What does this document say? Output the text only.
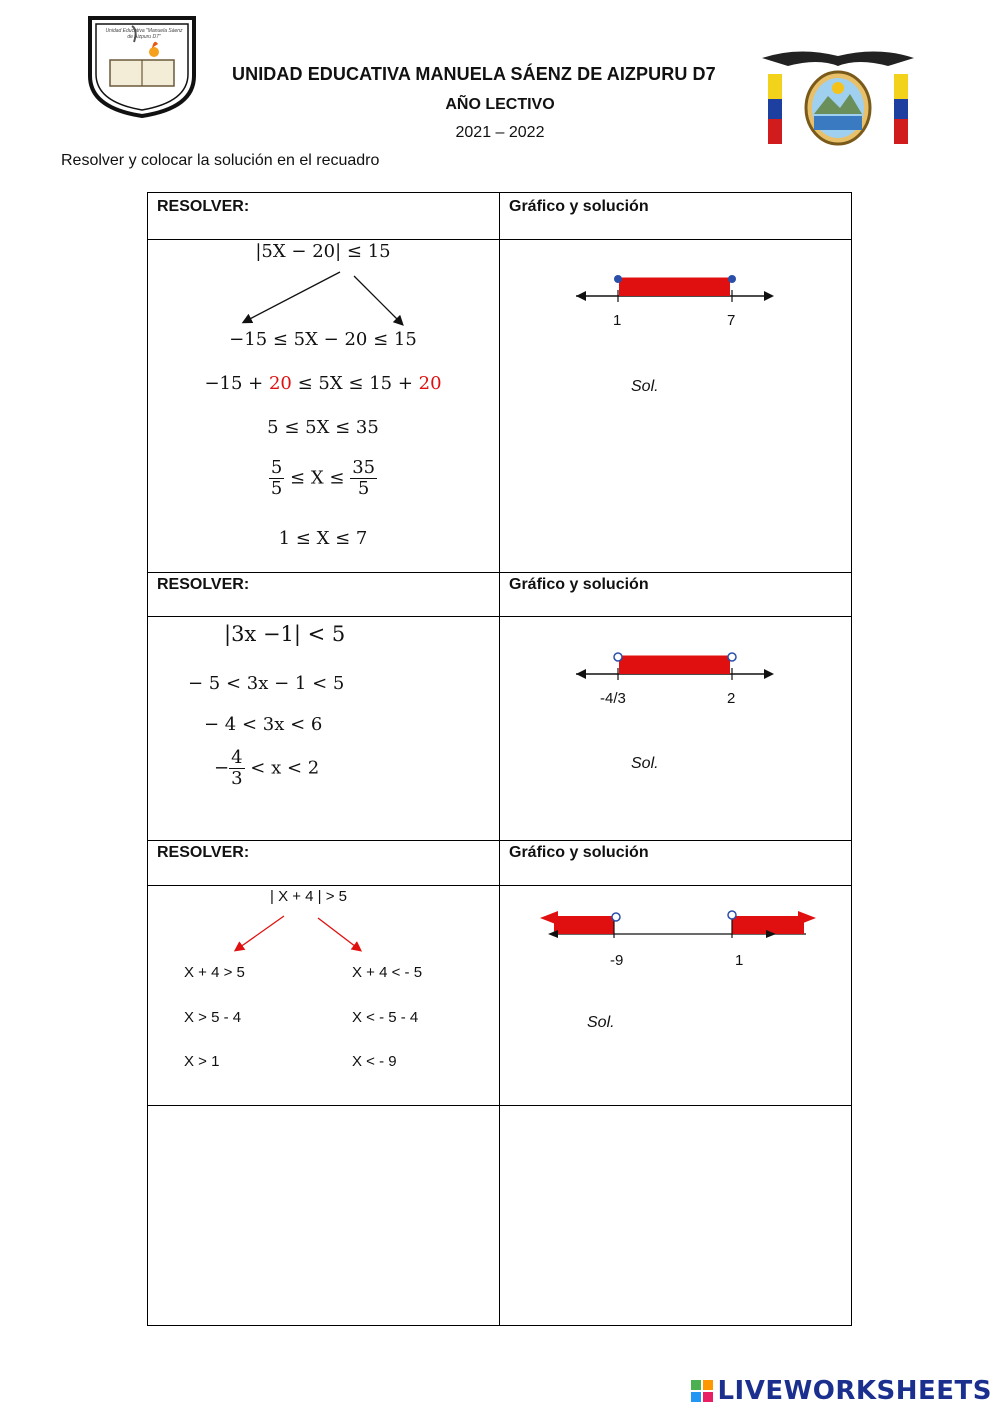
Unidad Educativa "Manuela Sáenz de Aizpuru D7"
UNIDAD EDUCATIVA MANUELA SÁENZ DE AIZPURU D7
AÑO LECTIVO
2021 – 2022
Resolver y colocar la solución en el recuadro
RESOLVER:	Gráfico y solución
|5X − 20| ≤ 15
−15 ≤ 5X − 20 ≤ 15
−15 + 20 ≤ 5X ≤ 15 + 20
5 ≤ 5X ≤ 35
$\frac{5}{5} \le X \le \frac{35}{5}$
1 ≤ X ≤ 7
1	7
Sol.
RESOLVER:	Gráfico y solución
|3x −1| < 5
− 5 < 3x − 1 < 5
− 4 < 3x < 6
− $\frac{4}{3} < x < 2$
-4/3	2
Sol.
RESOLVER:	Gráfico y solución
| X + 4 | > 5
X + 4 > 5
X > 5 - 4
X > 1
X + 4 < - 5
X < - 5 - 4
X < - 9
-9	1
Sol.
LIVEWORKSHEETS
